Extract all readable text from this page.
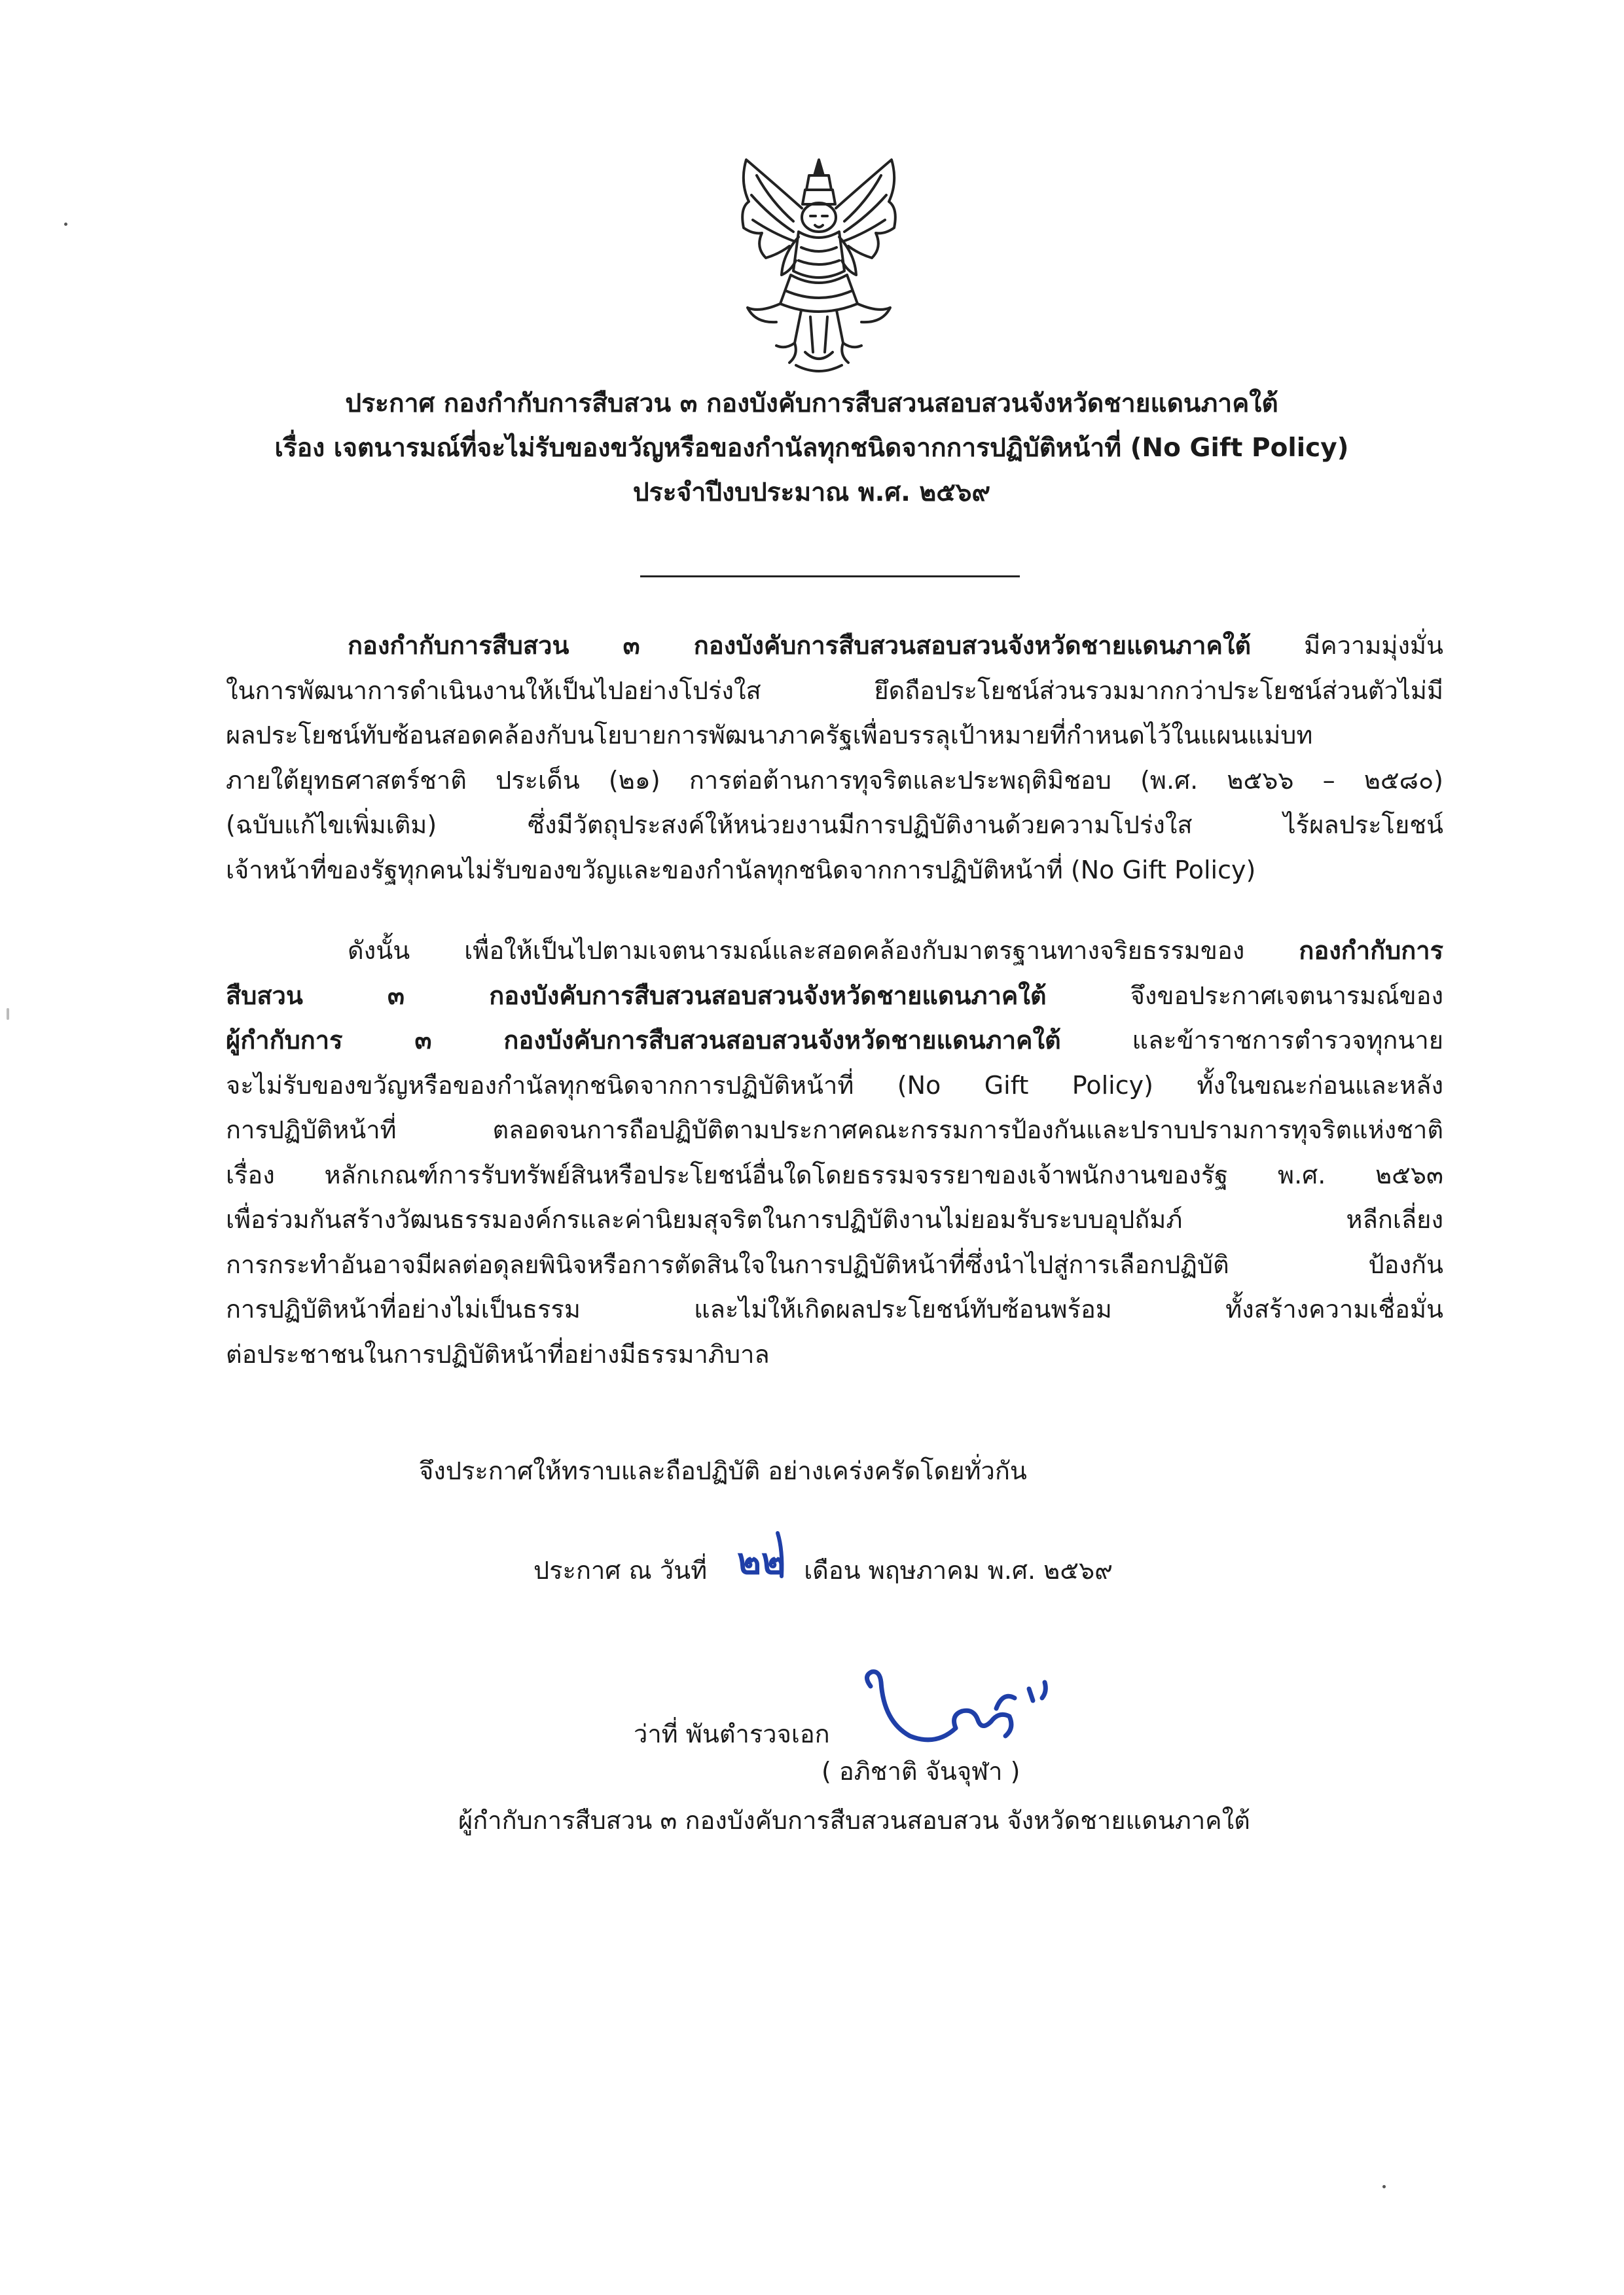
ประกาศ กองกำกับการสืบสวน ๓ กองบังคับการสืบสวนสอบสวนจังหวัดชายแดนภาคใต้
เรื่อง เจตนารมณ์ที่จะไม่รับของขวัญหรือของกำนัลทุกชนิดจากการปฏิบัติหน้าที่ (No Gift Policy)
ประจำปีงบประมาณ พ.ศ. ๒๕๖๙

กองกำกับการสืบสวน ๓ กองบังคับการสืบสวนสอบสวนจังหวัดชายแดนภาคใต้ มีความมุ่งมั่น
ในการพัฒนาการดำเนินงานให้เป็นไปอย่างโปร่งใส ยึดถือประโยชน์ส่วนรวมมากกว่าประโยชน์ส่วนตัวไม่มี
ผลประโยชน์ทับซ้อนสอดคล้องกับนโยบายการพัฒนาภาครัฐเพื่อบรรลุเป้าหมายที่กำหนดไว้ในแผนแม่บท
ภายใต้ยุทธศาสตร์ชาติ ประเด็น (๒๑) การต่อต้านการทุจริตและประพฤติมิชอบ (พ.ศ. ๒๕๖๖ – ๒๕๘๐)
(ฉบับแก้ไขเพิ่มเติม) ซึ่งมีวัตถุประสงค์ให้หน่วยงานมีการปฏิบัติงานด้วยความโปร่งใส ไร้ผลประโยชน์
เจ้าหน้าที่ของรัฐทุกคนไม่รับของขวัญและของกำนัลทุกชนิดจากการปฏิบัติหน้าที่ (No Gift Policy)

ดังนั้น เพื่อให้เป็นไปตามเจตนารมณ์และสอดคล้องกับมาตรฐานทางจริยธรรมของ กองกำกับการ
สืบสวน ๓ กองบังคับการสืบสวนสอบสวนจังหวัดชายแดนภาคใต้	จึงขอประกาศเจตนารมณ์ของ
ผู้กำกับการ ๓ กองบังคับการสืบสวนสอบสวนจังหวัดชายแดนภาคใต้	และข้าราชการตำรวจทุกนาย
จะไม่รับของขวัญหรือของกำนัลทุกชนิดจากการปฏิบัติหน้าที่ (No Gift Policy) ทั้งในขณะก่อนและหลัง
การปฏิบัติหน้าที่ ตลอดจนการถือปฏิบัติตามประกาศคณะกรรมการป้องกันและปราบปรามการทุจริตแห่งชาติ
เรื่อง หลักเกณฑ์การรับทรัพย์สินหรือประโยชน์อื่นใดโดยธรรมจรรยาของเจ้าพนักงานของรัฐ พ.ศ. ๒๕๖๓
เพื่อร่วมกันสร้างวัฒนธรรมองค์กรและค่านิยมสุจริตในการปฏิบัติงานไม่ยอมรับระบบอุปถัมภ์ หลีกเลี่ยง
การกระทำอันอาจมีผลต่อดุลยพินิจหรือการตัดสินใจในการปฏิบัติหน้าที่ซึ่งนำไปสู่การเลือกปฏิบัติ ป้องกัน
การปฏิบัติหน้าที่อย่างไม่เป็นธรรม และไม่ให้เกิดผลประโยชน์ทับซ้อนพร้อม ทั้งสร้างความเชื่อมั่น
ต่อประชาชนในการปฏิบัติหน้าที่อย่างมีธรรมาภิบาล

จึงประกาศให้ทราบและถือปฏิบัติ อย่างเคร่งครัดโดยทั่วกัน
ประกาศ ณ วันที่	เดือน พฤษภาคม พ.ศ. ๒๕๖๙
๒๒
ว่าที่ พันตำรวจเอก
( อภิชาติ จันจุฬา )
ผู้กำกับการสืบสวน ๓ กองบังคับการสืบสวนสอบสวน จังหวัดชายแดนภาคใต้
